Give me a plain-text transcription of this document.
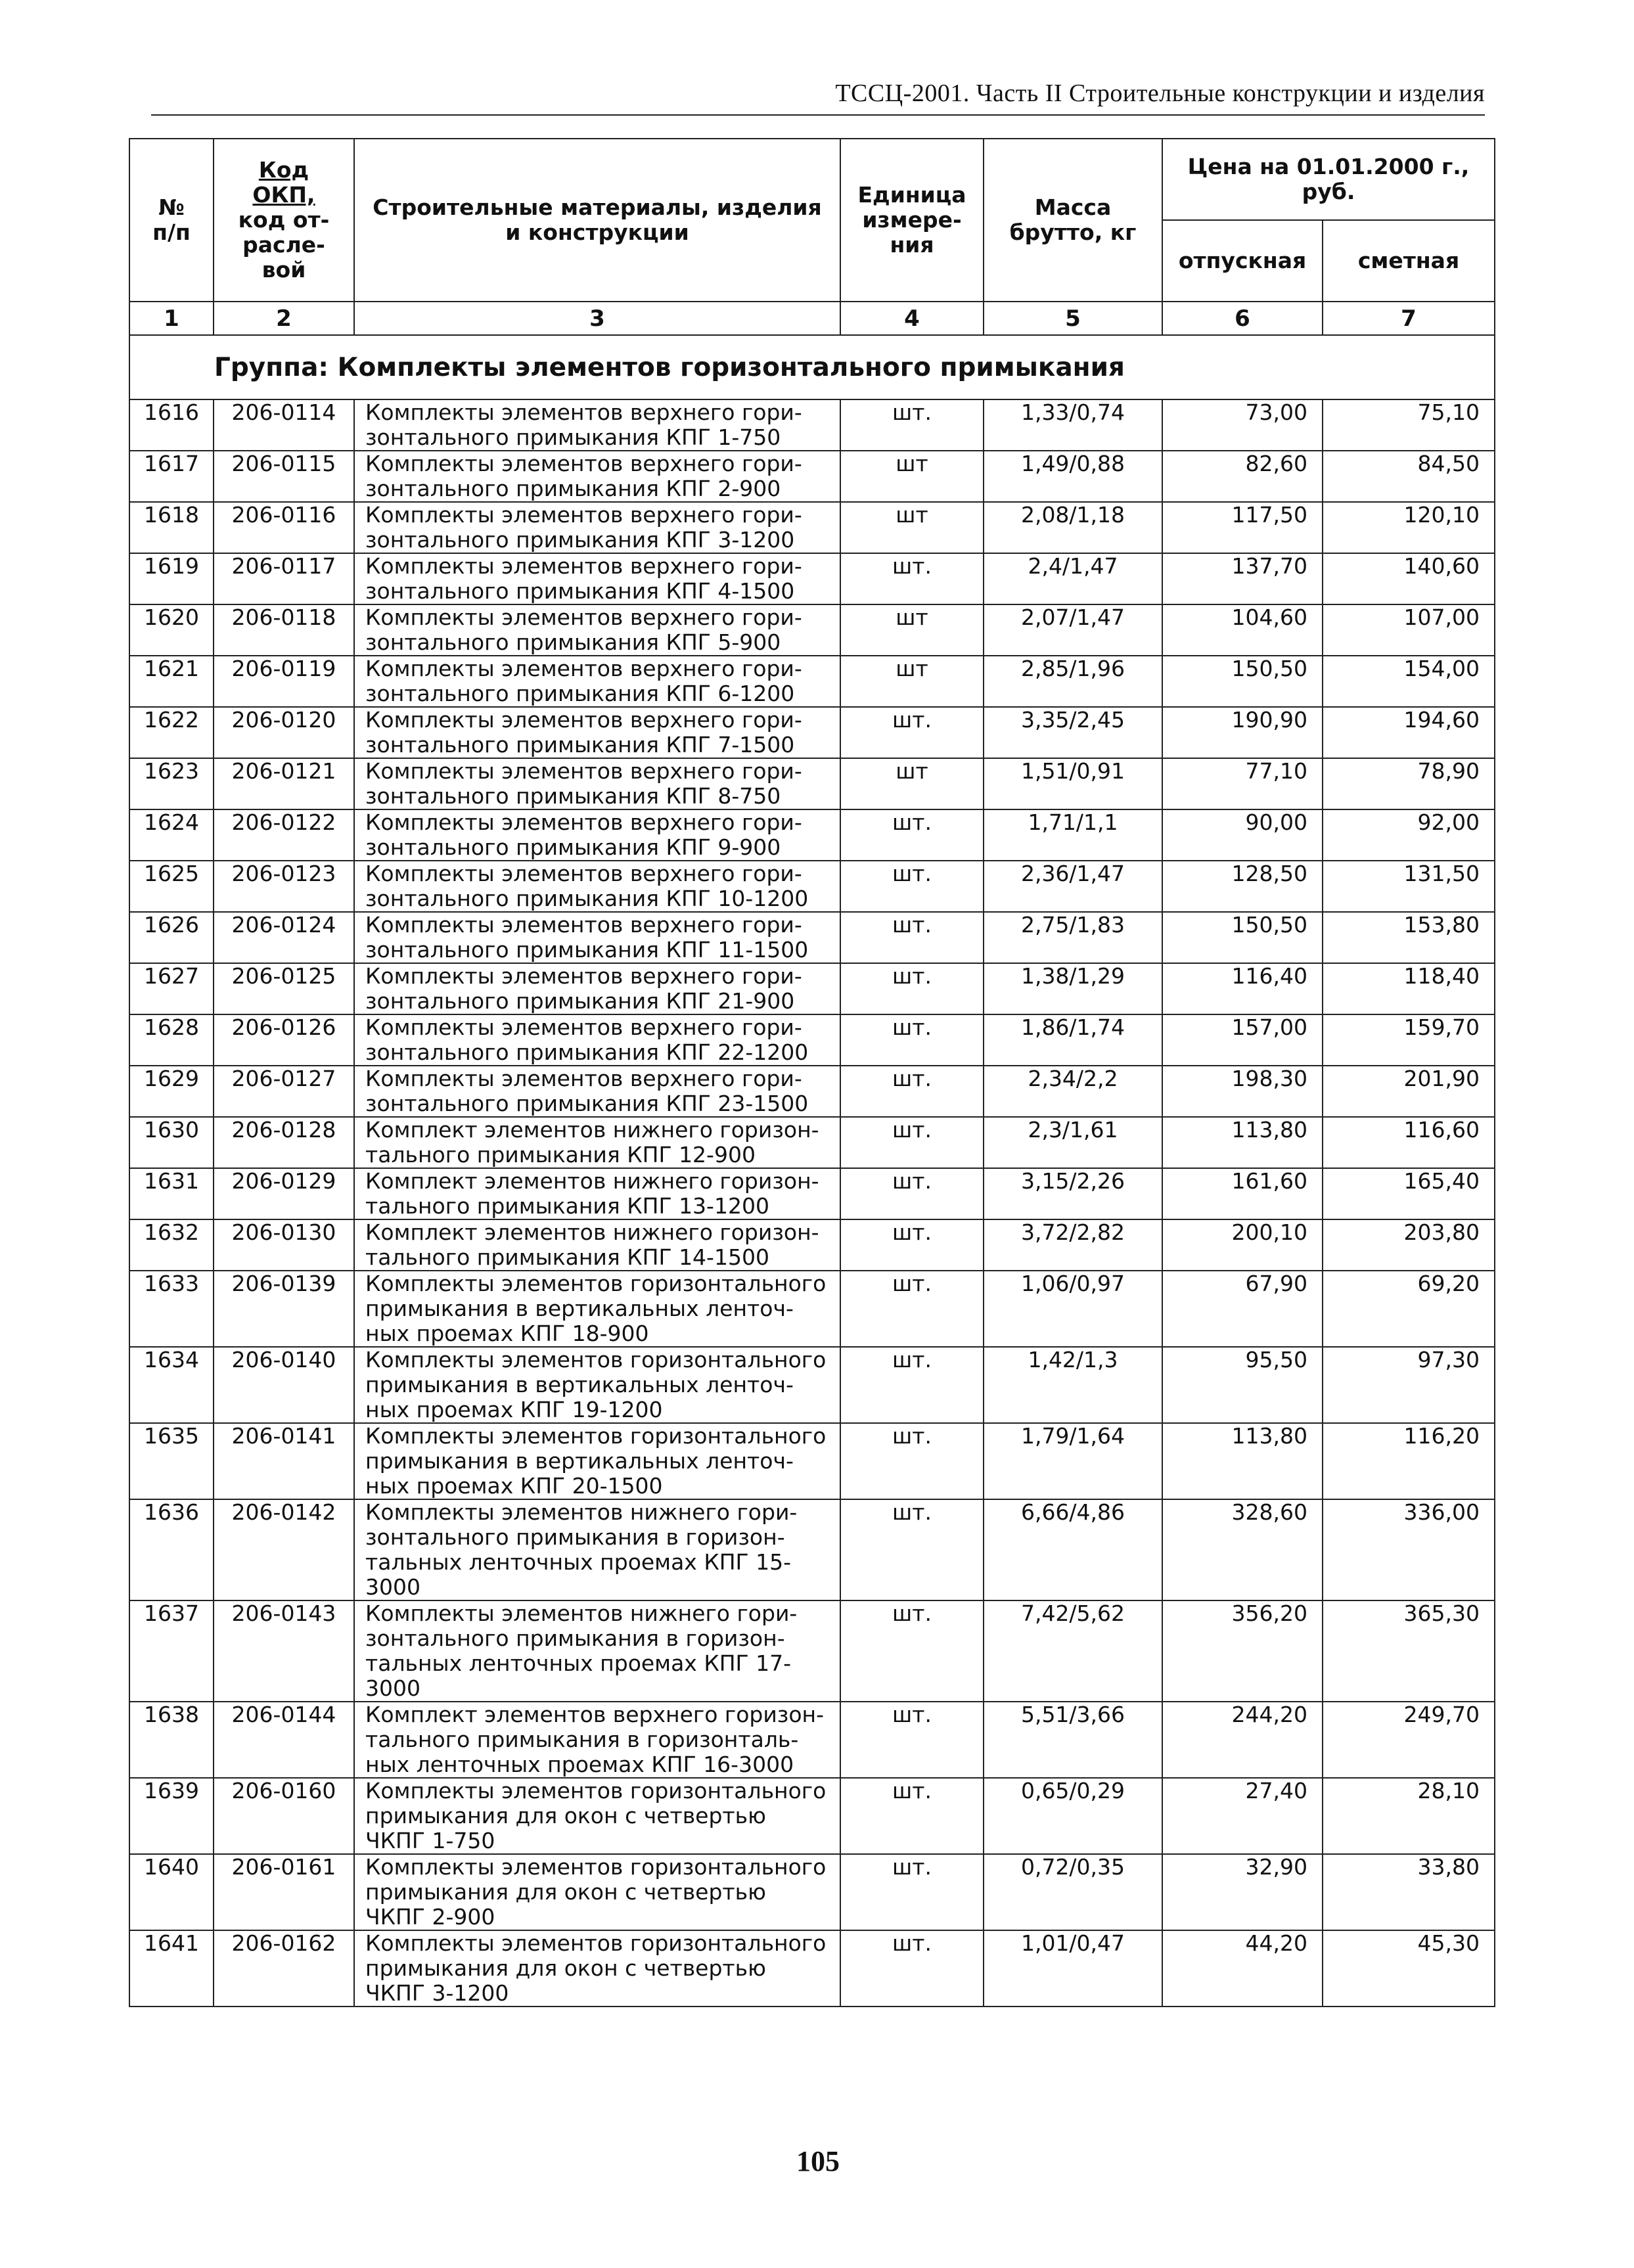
ТССЦ-2001. Часть II Строительные конструкции и изделия
№
п/п	Код
ОКП,
код от-
расле-
вой	Строительные материалы, изделия
и конструкции	Единица
измере-
ния	Масса
брутто, кг	Цена на 01.01.2000 г.,
руб.	

					отпускная	сметная
1	2	3	4	5	6	7
Группа: Комплекты элементов горизонтального примыкания						
1616	206-0114	Комплекты элементов верхнего гори-
зонтального примыкания КПГ 1-750	шт.	1,33/0,74	73,00	75,10
1617	206-0115	Комплекты элементов верхнего гори-
зонтального примыкания КПГ 2-900	шт	1,49/0,88	82,60	84,50
1618	206-0116	Комплекты элементов верхнего гори-
зонтального примыкания КПГ 3-1200	шт	2,08/1,18	117,50	120,10
1619	206-0117	Комплекты элементов верхнего гори-
зонтального примыкания КПГ 4-1500	шт.	2,4/1,47	137,70	140,60
1620	206-0118	Комплекты элементов верхнего гори-
зонтального примыкания КПГ 5-900	шт	2,07/1,47	104,60	107,00
1621	206-0119	Комплекты элементов верхнего гори-
зонтального примыкания КПГ 6-1200	шт	2,85/1,96	150,50	154,00
1622	206-0120	Комплекты элементов верхнего гори-
зонтального примыкания КПГ 7-1500	шт.	3,35/2,45	190,90	194,60
1623	206-0121	Комплекты элементов верхнего гори-
зонтального примыкания КПГ 8-750	шт	1,51/0,91	77,10	78,90
1624	206-0122	Комплекты элементов верхнего гори-
зонтального примыкания КПГ 9-900	шт.	1,71/1,1	90,00	92,00
1625	206-0123	Комплекты элементов верхнего гори-
зонтального примыкания КПГ 10-1200	шт.	2,36/1,47	128,50	131,50
1626	206-0124	Комплекты элементов верхнего гори-
зонтального примыкания КПГ 11-1500	шт.	2,75/1,83	150,50	153,80
1627	206-0125	Комплекты элементов верхнего гори-
зонтального примыкания КПГ 21-900	шт.	1,38/1,29	116,40	118,40
1628	206-0126	Комплекты элементов верхнего гори-
зонтального примыкания КПГ 22-1200	шт.	1,86/1,74	157,00	159,70
1629	206-0127	Комплекты элементов верхнего гори-
зонтального примыкания КПГ 23-1500	шт.	2,34/2,2	198,30	201,90
1630	206-0128	Комплект элементов нижнего горизон-
тального примыкания КПГ 12-900	шт.	2,3/1,61	113,80	116,60
1631	206-0129	Комплект элементов нижнего горизон-
тального примыкания КПГ 13-1200	шт.	3,15/2,26	161,60	165,40
1632	206-0130	Комплект элементов нижнего горизон-
тального примыкания КПГ 14-1500	шт.	3,72/2,82	200,10	203,80
1633	206-0139	Комплекты элементов горизонтального
примыкания в вертикальных ленточ-
ных проемах КПГ 18-900	шт.	1,06/0,97	67,90	69,20
1634	206-0140	Комплекты элементов горизонтального
примыкания в вертикальных ленточ-
ных проемах КПГ 19-1200	шт.	1,42/1,3	95,50	97,30
1635	206-0141	Комплекты элементов горизонтального
примыкания в вертикальных ленточ-
ных проемах КПГ 20-1500	шт.	1,79/1,64	113,80	116,20
1636	206-0142	Комплекты элементов нижнего гори-
зонтального примыкания в горизон-
тальных ленточных проемах КПГ 15-
3000	шт.	6,66/4,86	328,60	336,00
1637	206-0143	Комплекты элементов нижнего гори-
зонтального примыкания в горизон-
тальных ленточных проемах КПГ 17-
3000	шт.	7,42/5,62	356,20	365,30
1638	206-0144	Комплект элементов верхнего горизон-
тального примыкания в горизонталь-
ных ленточных проемах КПГ 16-3000	шт.	5,51/3,66	244,20	249,70
1639	206-0160	Комплекты элементов горизонтального
примыкания для окон с четвертью
ЧКПГ 1-750	шт.	0,65/0,29	27,40	28,10
1640	206-0161	Комплекты элементов горизонтального
примыкания для окон с четвертью
ЧКПГ 2-900	шт.	0,72/0,35	32,90	33,80
1641	206-0162	Комплекты элементов горизонтального
примыкания для окон с четвертью
ЧКПГ 3-1200	шт.	1,01/0,47	44,20	45,30
105
